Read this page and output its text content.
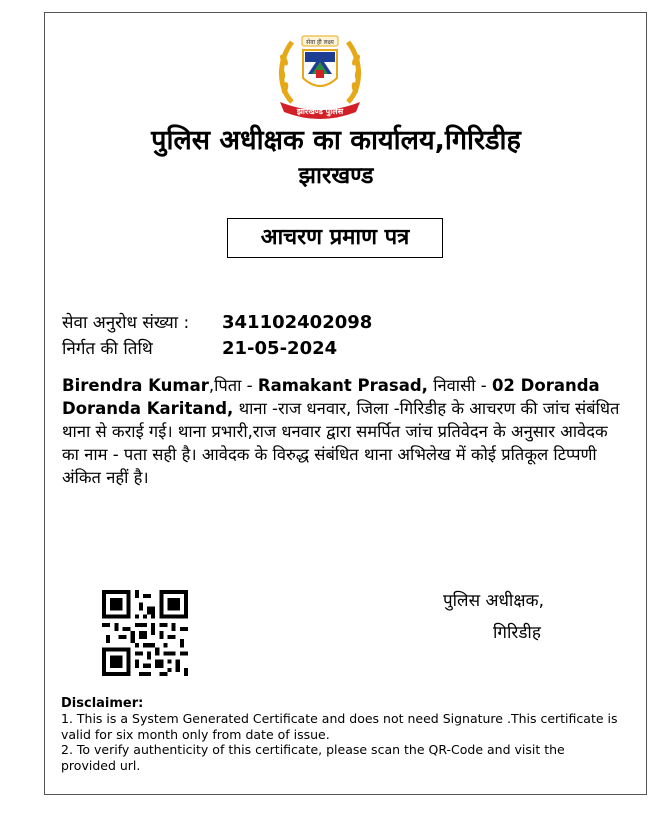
सेवा ही लक्ष्य
झारखण्ड पुलिस
पुलिस अधीक्षक का कार्यालय,गिरिडीह
झारखण्ड
आचरण प्रमाण पत्र
सेवा अनुरोध संख्या : 341102402098
निर्गत की तिथि	21-05-2024
Birendra Kumar,पिता - Ramakant Prasad, निवासी - 02 Doranda Doranda Karitand, थाना -राज धनवार, जिला -गिरिडीह के आचरण की जांच संबंधित थाना से कराई गई। थाना प्रभारी,राज धनवार द्वारा समर्पित जांच प्रतिवेदन के अनुसार आवेदक का नाम - पता सही है। आवेदक के विरुद्ध संबंधित थाना अभिलेख में कोई प्रतिकूल टिप्पणी अंकित नहीं है।
पुलिस अधीक्षक,
गिरिडीह
Disclaimer:
1. This is a System Generated Certificate and does not need Signature .This certificate is valid for six month only from date of issue.
2. To verify authenticity of this certificate, please scan the QR-Code and visit the provided url.
